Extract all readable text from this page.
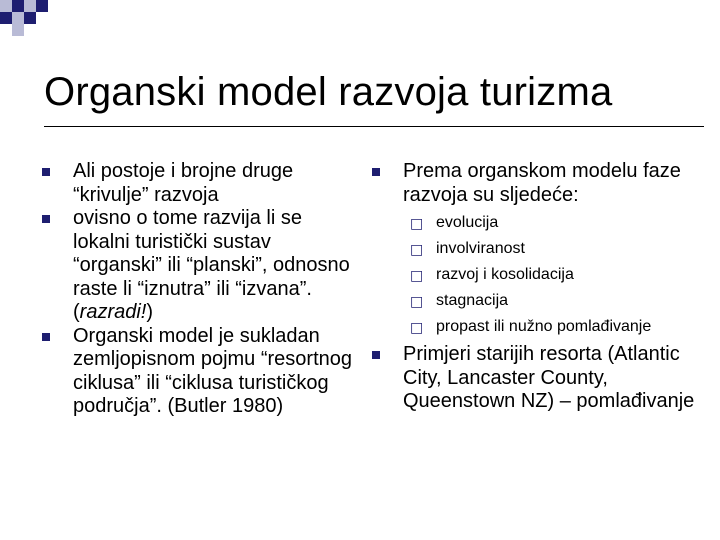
Organski model razvoja turizma
Ali postoje i brojne druge “krivulje” razvoja
ovisno o tome razvija li se lokalni turistički sustav “organski” ili “planski”, odnosno raste li “iznutra” ili “izvana”. (razradi!)
Organski model je sukladan zemljopisnom pojmu “resortnog ciklusa” ili “ciklusa turističkog područja”. (Butler 1980)
Prema organskom modelu faze razvoja su sljedeće:
□ evolucija
□ involviranost
□ razvoj i kosolidacija
□ stagnacija
□ propast ili nužno pomlađivanje
Primjeri starijih resorta (Atlantic City, Lancaster County, Queenstown NZ) – pomlađivanje
